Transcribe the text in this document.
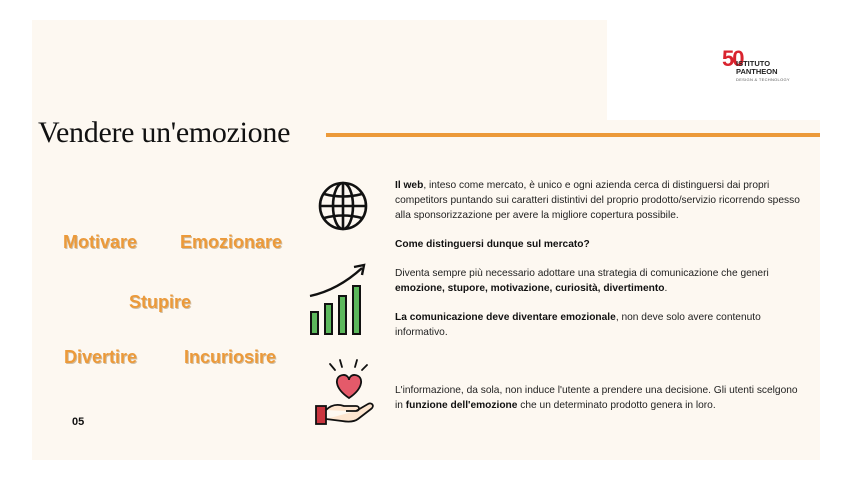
50
ISTITUTO
PANTHEON
DESIGN & TECHNOLOGY
Vendere un'emozione
Motivare Emozionare
Stupire
Divertire	Incuriosire
05
Il web, inteso come mercato, è unico e ogni azienda cerca di distinguersi dai propri competitors puntando sui caratteri distintivi del proprio prodotto/servizio ricorrendo spesso alla sponsorizzazione per avere la migliore copertura possibile.
Come distinguersi dunque sul mercato?
Diventa sempre più necessario adottare una strategia di comunicazione che generi emozione, stupore, motivazione, curiosità, divertimento.
La comunicazione deve diventare emozionale, non deve solo avere contenuto informativo.
L'informazione, da sola, non induce l'utente a prendere una decisione. Gli utenti scelgono in funzione dell'emozione che un determinato prodotto genera in loro.
